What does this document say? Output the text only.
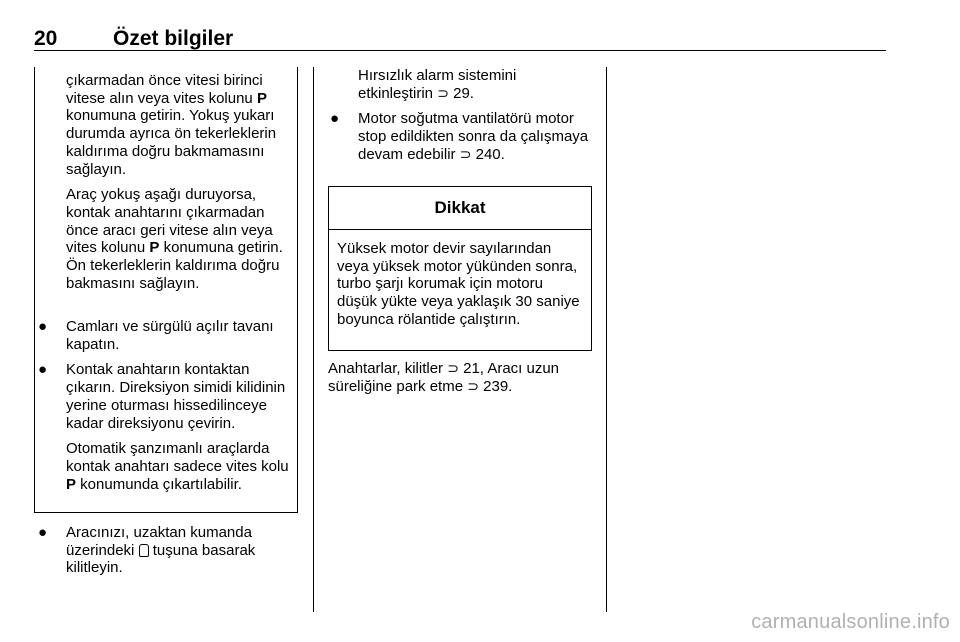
20	Özet bilgiler

çıkarmadan önce vitesi birinci vitese alın veya vites kolunu P konumuna getirin. Yokuş yukarı durumda ayrıca ön tekerleklerin kaldırıma doğru bakmamasını sağlayın.

Araç yokuş aşağı duruyorsa, kontak anahtarını çıkarmadan önce aracı geri vitese alın veya vites kolunu P konumuna getirin. Ön tekerleklerin kaldırıma doğru bakmasını sağlayın.

● Camları ve sürgülü açılır tavanı kapatın.

● Kontak anahtarın kontaktan çıkarın. Direksiyon simidi kilidinin yerine oturması hissedilinceye kadar direksiyonu çevirin.

Otomatik şanzımanlı araçlarda kontak anahtarı sadece vites kolu P konumunda çıkartılabilir.

● Aracınızı, uzaktan kumanda üzerindeki  tuşuna basarak kilitleyin.

Hırsızlık alarm sistemini etkinleştirin ⊃ 29.

● Motor soğutma vantilatörü motor stop edildikten sonra da çalışmaya devam edebilir ⊃ 240.

Dikkat
Yüksek motor devir sayılarından veya yüksek motor yükünden sonra, turbo şarjı korumak için motoru düşük yükte veya yaklaşık 30 saniye boyunca rölantide çalıştırın.

Anahtarlar, kilitler ⊃ 21, Aracı uzun süreliğine park etme ⊃ 239.

carmanualsonline.info
